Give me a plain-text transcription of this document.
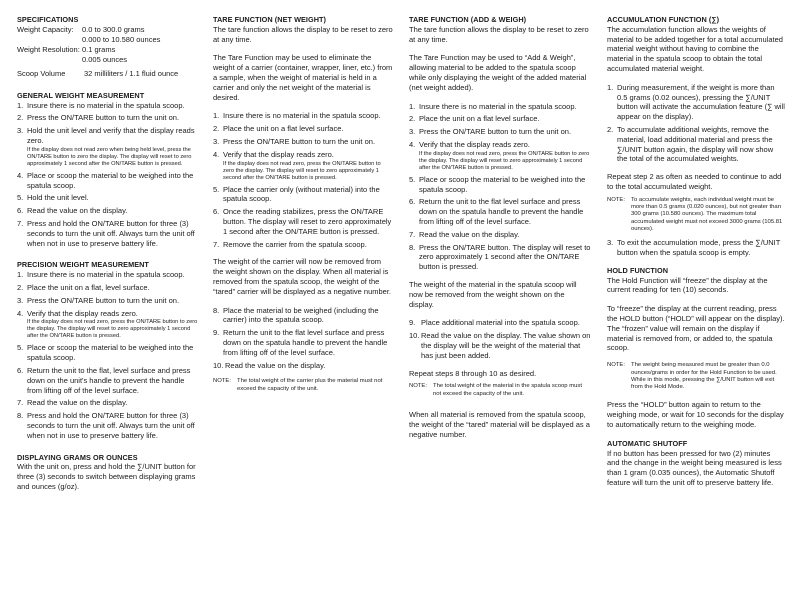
SPECIFICATIONS
Weight Capacity:	0.0 to 300.0 grams
0.000 to 10.580 ounces
Weight Resolution: 0.1 grams
0.005 ounces
Scoop Volume	32 milliliters / 1.1 fluid ounce
GENERAL WEIGHT MEASUREMENT
1. Insure there is no material in the spatula scoop.
2. Press the ON/TARE button to turn the unit on.
3. Hold the unit level and verify that the display reads zero.
If the display does not read zero when being held level, press the ON/TARE button to zero the display. The display will reset to zero approximately 1 second after the ON/TARE button is pressed.
4. Place or scoop the material to be weighed into the spatula scoop.
5. Hold the unit level.
6. Read the value on the display.
7. Press and hold the ON/TARE button for three (3) seconds to turn the unit off. Always turn the unit off when not in use to preserve battery life.
PRECISION WEIGHT MEASUREMENT
1. Insure there is no material in the spatula scoop.
2. Place the unit on a flat, level surface.
3. Press the ON/TARE button to turn the unit on.
4. Verify that the display reads zero.
If the display does not read zero, press the ON/TARE button to zero the display. The display will reset to zero approximately 1 second after the ON/TARE button is pressed.
5. Place or scoop the material to be weighed into the spatula scoop.
6. Return the unit to the flat, level surface and press down on the unit's handle to prevent the handle from lifting off of the level surface.
7. Read the value on the display.
8. Press and hold the ON/TARE button for three (3) seconds to turn the unit off. Always turn the unit off when not in use to preserve battery life.
DISPLAYING GRAMS OR OUNCES

With the unit on, press and hold the ∑/UNIT button for three (3) seconds to switch between displaying grams and ounces (g/oz).

TARE FUNCTION (NET WEIGHT)

The tare function allows the display to be reset to zero at any time.

The Tare Function may be used to eliminate the weight of a carrier (container, wrapper, liner, etc.) from a sample, when the weight of material is held in a carrier and only the net weight of the material is desired.

1. Insure there is no material in the spatula scoop.
2. Place the unit on a flat level surface.
3. Press the ON/TARE button to turn the unit on.
4. Verify that the display reads zero.
If the display does not read zero, press the ON/TARE button to zero the display. The display will reset to zero approximately 1 second after the ON/TARE button is pressed.
5. Place the carrier only (without material) into the spatula scoop.
6. Once the reading stabilizes, press the ON/TARE button. The display will reset to zero approximately 1 second after the ON/TARE button is pressed.
7. Remove the carrier from the spatula scoop.

The weight of the carrier will now be removed from the weight shown on the display. When all material is removed from the spatula scoop, the weight of the “tared” carrier will be displayed as a negative number.

8. Place the material to be weighed (including the carrier) into the spatula scoop.
9. Return the unit to the flat level surface and press down on the spatula handle to prevent the handle from lifting off of the level surface.
10. Read the value on the display.
NOTE:	The total weight of the carrier plus the material must not exceed the capacity of the unit.
TARE FUNCTION (ADD & WEIGH)

The tare function allows the display to be reset to zero at any time.

The Tare Function may be used to “Add & Weigh”, allowing material to be added to the spatula scoop while only displaying the weight of the added material (net weight added).

1. Insure there is no material in the spatula scoop.
2. Place the unit on a flat level surface.
3. Press the ON/TARE button to turn the unit on.
4. Verify that the display reads zero.
If the display does not read zero, press the ON/TARE button to zero the display. The display will reset to zero approximately 1 second after the ON/TARE button is pressed.
5. Place or scoop the material to be weighed into the spatula scoop.
6. Return the unit to the flat level surface and press down on the spatula handle to prevent the handle from lifting off of the level surface.
7. Read the value on the display.
8. Press the ON/TARE button. The display will reset to zero approximately 1 second after the ON/TARE button is pressed.

The weight of the material in the spatula scoop will now be removed from the weight shown on the display.

9. Place additional material into the spatula scoop.
10. Read the value on the display. The value shown on the display will be the weight of the material that has just been added.

Repeat steps 8 through 10 as desired.

NOTE:	The total weight of the material in the spatula scoop must not exceed the capacity of the unit.

When all material is removed from the spatula scoop, the weight of the “tared” material will be displayed as a negative number.

ACCUMULATION FUNCTION (∑)

The accumulation function allows the weights of material to be added together for a total accumulated material weight without having to combine the material in the spatula scoop to obtain the total accumulated material weight.

1. During measurement, if the weight is more than 0.5 grams (0.02 ounces), pressing the ∑/UNIT button will activate the accumulation feature (∑ will appear on the display).
2. To accumulate additional weights, remove the material, load additional material and press the ∑/UNIT button again, the display will now show the total of the accumulated weights.

Repeat step 2 as often as needed to continue to add to the total accumulated weight.

NOTE:	To accumulate weights, each individual weight must be more than 0.5 grams (0.020 ounces), but not greater than 300 grams (10.580 ounces). The maximum total accumulated weight must not exceed 3000 grams (105.81 ounces).
3. To exit the accumulation mode, press the ∑/UNIT button when the spatula scoop is empty.
HOLD FUNCTION

The Hold Function will “freeze” the display at the current reading for ten (10) seconds.

To “freeze” the display at the current reading, press the HOLD button (“HOLD” will appear on the display). The “frozen” value will remain on the display if material is removed from, or added to, the spatula scoop.

NOTE:	The weight being measured must be greater than 0.0 ounces/grams in order for the Hold Function to be used. While in this mode, pressing the ∑/UNIT button will exit from the Hold Mode.

Press the “HOLD” button again to return to the weighing mode, or wait for 10 seconds for the display to automatically return to the weighing mode.

AUTOMATIC SHUTOFF

If no button has been pressed for two (2) minutes and the change in the weight being measured is less than 1 gram (0.035 ounces), the Automatic Shutoff feature will turn the unit off to preserve battery life.
